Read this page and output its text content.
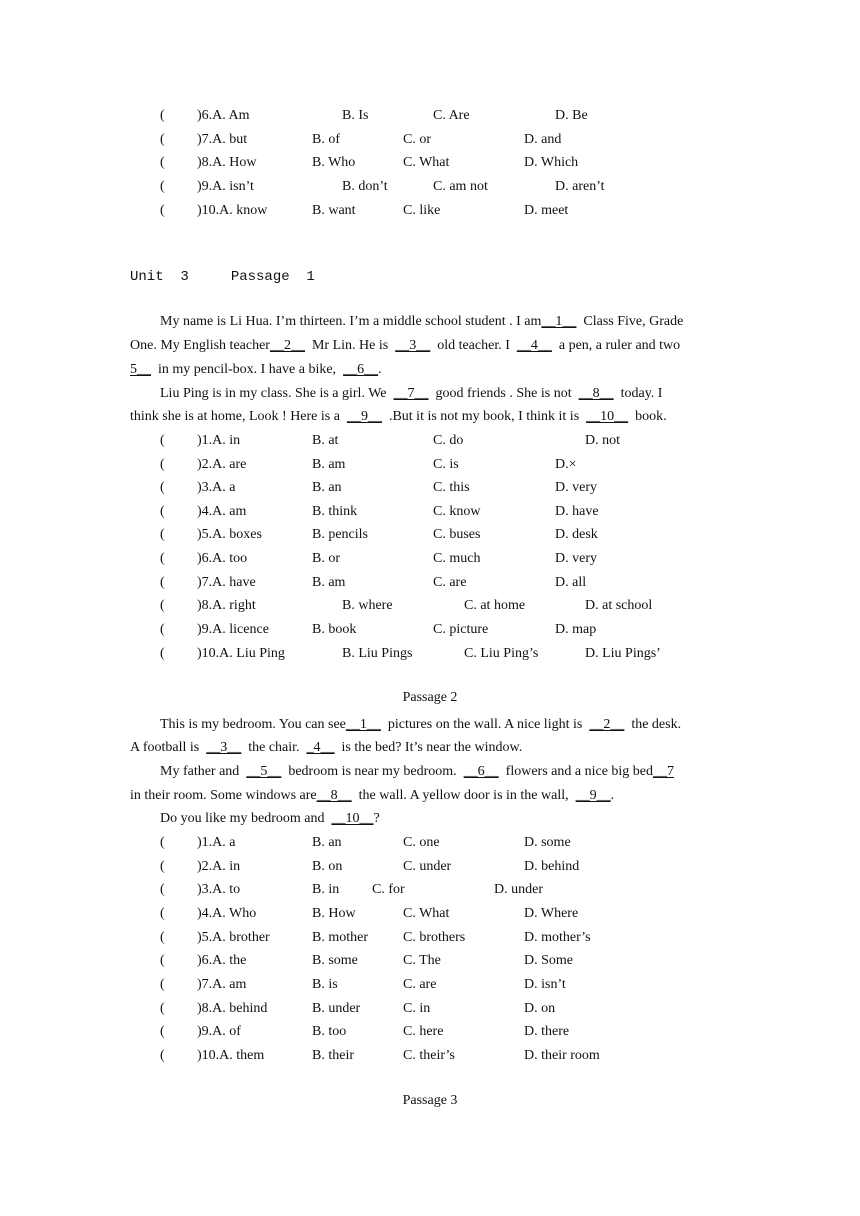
( )6.A. Am	B. Is	C. Are	D. Be
( )7.A. but	B. of	C. or	D. and
( )8.A. How	B. Who	C. What	D. Which
( )9.A. isn’t	B. don’t	C. am not	D. aren’t
( )10.A. know	B. want	C. like	D. meet
Unit  3     Passage  1
My name is Li Hua. I’m thirteen. I’m a middle school student . I am__1__ Class Five, Grade
One. My English teacher__2__ Mr Lin. He is __3__ old teacher. I __4__ a pen, a ruler and two
5__ in my pencil-box. I have a bike, __6__.
Liu Ping is in my class. She is a girl. We __7__ good friends . She is not __8__ today. I
think she is at home, Look ! Here is a __9__ .But it is not my book, I think it is __10__ book.
( )1.A. in	B. at	C. do	D. not
( )2.A. are	B. am	C. is	D.×
( )3.A. a	B. an	C. this	D. very
( )4.A. am	B. think	C. know	D. have
( )5.A. boxes	B. pencils	C. buses	D. desk
( )6.A. too	B. or	C. much	D. very
( )7.A. have	B. am	C. are	D. all
( )8.A. right	B. where	C. at home	D. at school
( )9.A. licence	B. book	C. picture	D. map
( )10.A. Liu Ping	B. Liu Pings	C. Liu Ping’s	D. Liu Pings’
Passage 2
This is my bedroom. You can see__1__ pictures on the wall. A nice light is __2__ the desk.
A football is __3__ the chair. _4__ is the bed? It’s near the window.
My father and __5__ bedroom is near my bedroom. __6__ flowers and a nice big bed__7
in their room. Some windows are__8__ the wall. A yellow door is in the wall, __9__.
Do you like my bedroom and __10__?
( )1.A. a	B. an	C. one	D. some
( )2.A. in	B. on	C. under	D. behind
( )3.A. to	B. in C. for	D. under
( )4.A. Who	B. How	C. What	D. Where
( )5.A. brother	B. mother	C. brothers	D. mother’s
( )6.A. the	B. some	C. The	D. Some
( )7.A. am	B. is	C. are	D. isn’t
( )8.A. behind	B. under	C. in	D. on
( )9.A. of	B. too	C. here	D. there
( )10.A. them	B. their	C. their’s	D. their room
Passage 3
